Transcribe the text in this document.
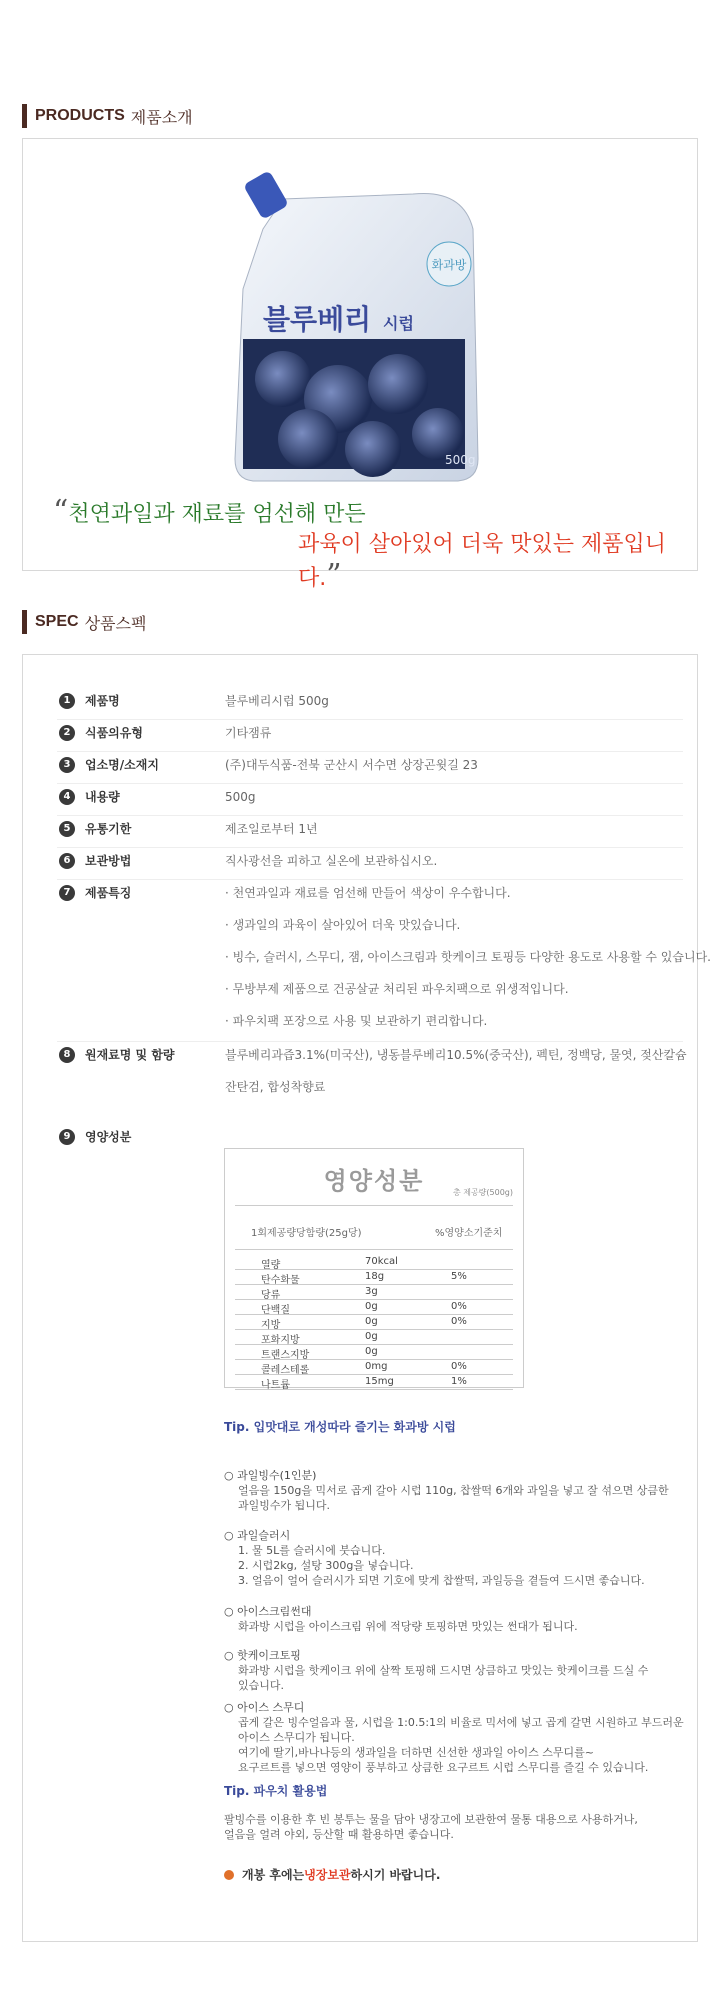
PRODUCTS 제품소개
화과방
블루베리 시럽
500g
“천연과일과 재료를 엄선해 만든
과육이 살아있어 더욱 맛있는 제품입니다.”
SPEC 상품스펙
1	제품명	블루베리시럽 500g
2	식품의유형	기타잼류
3	업소명/소재지	(주)대두식품-전북 군산시 서수면 상장곤윗길 23
4	내용량	500g
5	유통기한	제조일로부터 1년
6	보관방법	직사광선을 피하고 실온에 보관하십시오.
7	제품특징	· 천연과일과 재료를 엄선해 만들어 색상이 우수합니다.
· 생과일의 과육이 살아있어 더욱 맛있습니다.
· 빙수, 슬러시, 스무디, 잼, 아이스크림과 핫케이크 토핑등 다양한 용도로 사용할 수 있습니다.
· 무방부제 제품으로 건공살균 처리된 파우치팩으로 위생적입니다.
· 파우치팩 포장으로 사용 및 보관하기 편리합니다.
8	원재료명 및 함량	블루베리과즙3.1%(미국산), 냉동블루베리10.5%(중국산), 펙틴, 정백당, 물엿, 젖산칼슘
잔탄검, 합성착향료
9	영양성분
영양성분	총 제공량(500g)
1회제공량당함량(25g당)	%영양소기준치
열량	70kcal
탄수화물	18g	5%
당류	3g
단백질	0g	0%
지방	0g	0%
포화지방	0g
트랜스지방	0g
콜레스테롤	0mg	0%
나트륨	15mg	1%
Tip. 입맛대로 개성따라 즐기는 화과방 시럽
○ 과일빙수(1인분)
얼음을 150g을 믹서로 곱게 갈아 시럽 110g, 찹쌀떡 6개와 과일을 넣고 잘 섞으면 상큼한
과일빙수가 됩니다.
○ 과일슬러시
1. 물 5L를 슬러시에 붓습니다.
2. 시럽2kg, 설탕 300g을 넣습니다.
3. 얼음이 얼어 슬러시가 되면 기호에 맞게 찹쌀떡, 과일등을 곁들여 드시면 좋습니다.
○ 아이스크림썬대
화과방 시럽을 아이스크림 위에 적당량 토핑하면 맛있는 썬대가 됩니다.
○ 핫케이크토핑
화과방 시럽을 핫케이크 위에 살짝 토핑해 드시면 상큼하고 맛있는 핫케이크를 드실 수
있습니다.
○ 아이스 스무디
곱게 갈은 빙수얼음과 물, 시럽을 1:0.5:1의 비율로 믹서에 넣고 곱게 갈면 시원하고 부드러운
아이스 스무디가 됩니다.
여기에 딸기,바나나등의 생과일을 더하면 신선한 생과일 아이스 스무디를~
요구르트를 넣으면 영양이 풍부하고 상큼한 요구르트 시럽 스무디를 즐길 수 있습니다.
Tip. 파우치 활용법
팔빙수를 이용한 후 빈 봉투는 물을 담아 냉장고에 보관한여 물통 대용으로 사용하거나,
얼음을 얼려 야외, 등산할 때 활용하면 좋습니다.
개봉 후에는 냉장보관 하시기 바랍니다.
